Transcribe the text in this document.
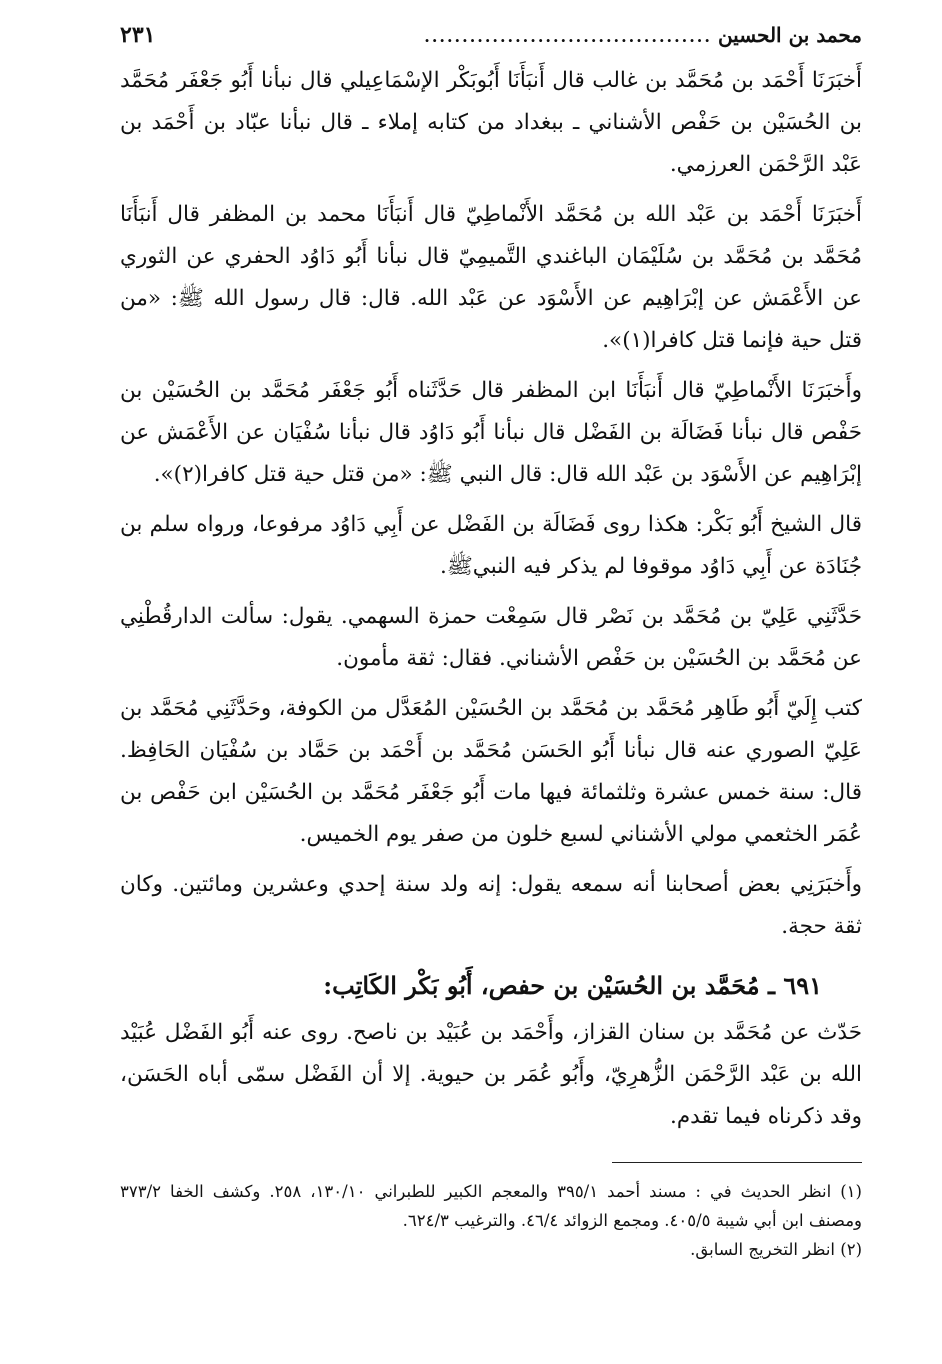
محمد بن الحسين
......................................
٢٣١

أَخبَرَنَا أَحْمَد بن مُحَمَّد بن غالب قال أَنبَأَنَا أَبُوبَكْر الإسْمَاعِيلي قال نبأنا أَبُو جَعْفَر مُحَمَّد بن الحُسَيْن بن حَفْص الأشناني ـ ببغداد من كتابه إملاء ـ قال نبأنا عبّاد بن أَحْمَد بن عَبْد الرَّحْمَن العرزمي.

أَخبَرَنَا أَحْمَد بن عَبْد الله بن مُحَمَّد الأَنْماطِيّ قال أَنبَأَنَا محمد بن المظفر قال أَنبَأَنَا مُحَمَّد بن مُحَمَّد بن سُلَيْمَان الباغندي التَّميمِيّ قال نبأنا أَبُو دَاوُد الحفري عن الثوري عن الأَعْمَش عن إبْرَاهِيم عن الأَسْوَد عن عَبْد الله. قال: قال رسول الله ﷺ: «من قتل حية فإنما قتل كافرا(١)».

وأَخبَرَنَا الأَنْماطِيّ قال أَنبَأَنَا ابن المظفر قال حَدَّثَناه أَبُو جَعْفَر مُحَمَّد بن الحُسَيْن بن حَفْص قال نبأنا فَضَالَة بن الفَضْل قال نبأنا أَبُو دَاوُد قال نبأنا سُفْيَان عن الأَعْمَش عن إبْرَاهِيم عن الأَسْوَد بن عَبْد الله قال: قال النبي ﷺ: «من قتل حية قتل كافرا(٢)».

قال الشيخ أَبُو بَكْر: هكذا روى فَضَالَة بن الفَضْل عن أَبِي دَاوُد مرفوعا، ورواه سلم بن جُنَادَة عن أَبِي دَاوُد موقوفا لم يذكر فيه النبيﷺ.

حَدَّثَنِي عَلِيّ بن مُحَمَّد بن نَصْر قال سَمِعْت حمزة السهمي. يقول: سألت الدارقُطْنِي عن مُحَمَّد بن الحُسَيْن بن حَفْص الأشناني. فقال: ثقة مأمون.

كتب إِلَيّ أَبُو طَاهِر مُحَمَّد بن مُحَمَّد بن الحُسَيْن المُعَدَّل من الكوفة، وحَدَّثَنِي مُحَمَّد بن عَلِيّ الصوري عنه قال نبأنا أَبُو الحَسَن مُحَمَّد بن أَحْمَد بن حَمَّاد بن سُفْيَان الحَافِظ. قال: سنة خمس عشرة وثلثمائة فيها مات أَبُو جَعْفَر مُحَمَّد بن الحُسَيْن ابن حَفْص بن عُمَر الخثعمي مولي الأشناني لسبع خلون من صفر يوم الخميس.

وأَخبَرَنِي بعض أصحابنا أنه سمعه يقول: إنه ولد سنة إحدي وعشرين ومائتين. وكان ثقة حجة.

٦٩١ ـ مُحَمَّد بن الحُسَيْن بن حفص، أَبُو بَكْر الكَاتِب:

حَدّث عن مُحَمَّد بن سنان القزاز، وأَحْمَد بن عُبَيْد بن ناصح. روى عنه أَبُو الفَضْل عُبَيْد الله بن عَبْد الرَّحْمَن الزُّهرِيّ، وأَبُو عُمَر بن حيوية. إلا أن الفَضْل سمّى أباه الحَسَن، وقد ذكرناه فيما تقدم.

(١) انظر الحديث في : مسند أحمد ٣٩٥/١ والمعجم الكبير للطبراني ١٣٠/١٠، ٢٥٨. وكشف الخفا ٣٧٣/٢ ومصنف ابن أبي شيبة ٤٠٥/٥. ومجمع الزوائد ٤٦/٤. والترغيب ٦٢٤/٣.

(٢) انظر التخريج السابق.
